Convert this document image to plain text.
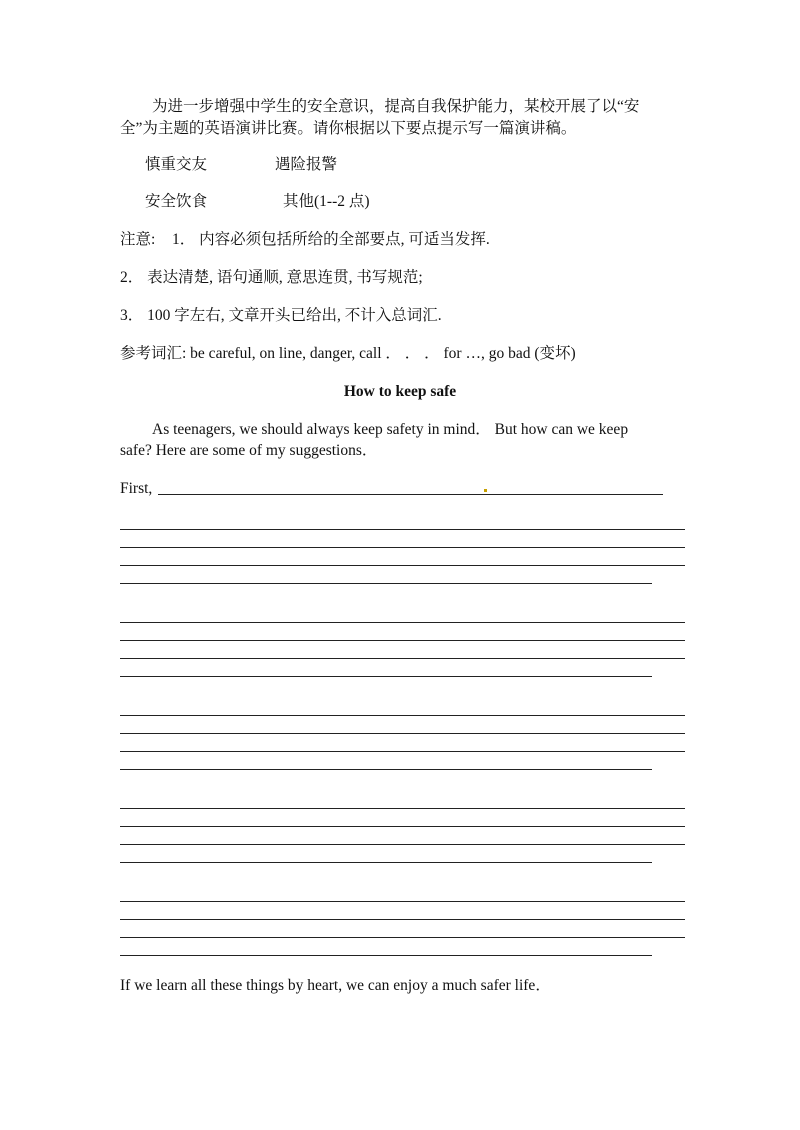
为进一步增强中学生的安全意识，提高自我保护能力，某校开展了以“安
全”为主题的英语演讲比赛。请你根据以下要点提示写一篇演讲稿。
慎重交友	遇险报警
安全饮食	其他(1--2 点)
注意: 1． 内容必须包括所给的全部要点, 可适当发挥.
2． 表达清楚, 语句通顺, 意思连贯, 书写规范;
3． 100 字左右, 文章开头已给出, 不计入总词汇.
参考词汇: be careful, on line, danger, call ． ． ． for …, go bad (变坏)
How to keep safe
As teenagers, we should always keep safety in mind． But how can we keep
safe? Here are some of my suggestions．
First,
If we learn all these things by heart, we can enjoy a much safer life．
